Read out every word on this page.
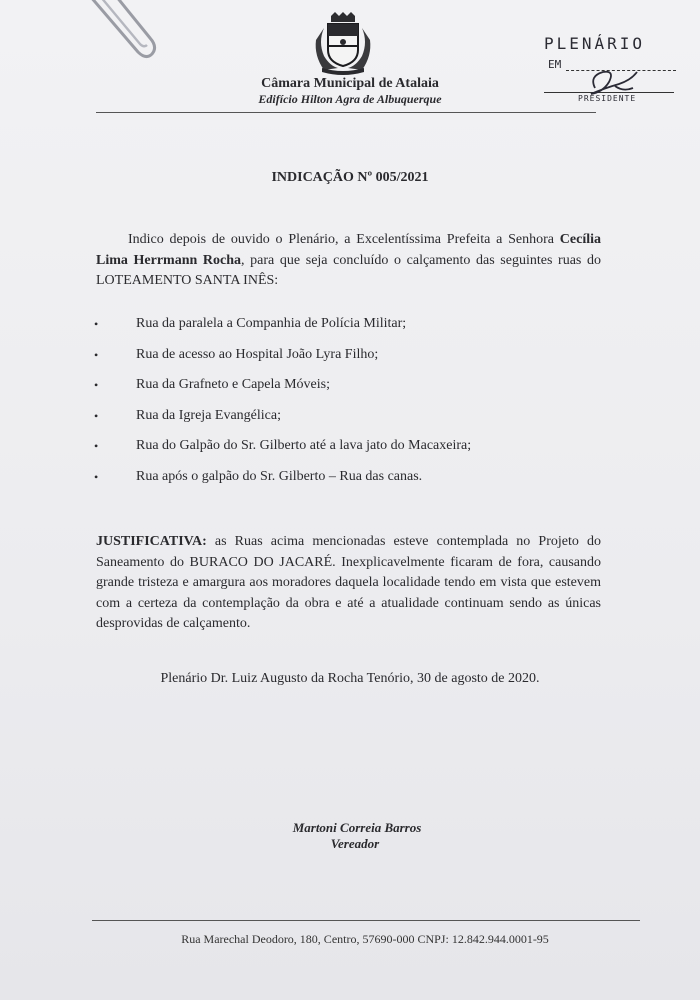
Câmara Municipal de Atalaia
Edifício Hilton Agra de Albuquerque
PLENÁRIO
EM
PRESIDENTE
INDICAÇÃO Nº 005/2021
Indico depois de ouvido o Plenário, a Excelentíssima Prefeita a Senhora Cecília Lima Herrmann Rocha, para que seja concluído o calçamento das seguintes ruas do LOTEAMENTO SANTA INÊS:
•	Rua da paralela a Companhia de Polícia Militar;
•	Rua de acesso ao Hospital João Lyra Filho;
•	Rua da Grafneto e Capela Móveis;
•	Rua da Igreja Evangélica;
•	Rua do Galpão do Sr. Gilberto até a lava jato do Macaxeira;
•	Rua após o galpão do Sr. Gilberto – Rua das canas.
JUSTIFICATIVA: as Ruas acima mencionadas esteve contemplada no Projeto do Saneamento do BURACO DO JACARÉ. Inexplicavelmente ficaram de fora, causando grande tristeza e amargura aos moradores daquela localidade tendo em vista que estevem com a certeza da contemplação da obra e até a atualidade continuam sendo as únicas desprovidas de calçamento.
Plenário Dr. Luiz Augusto da Rocha Tenório, 30 de agosto de 2020.
Martoni Correia Barros
Vereador
Rua Marechal Deodoro, 180, Centro, 57690-000 CNPJ: 12.842.944.0001-95
